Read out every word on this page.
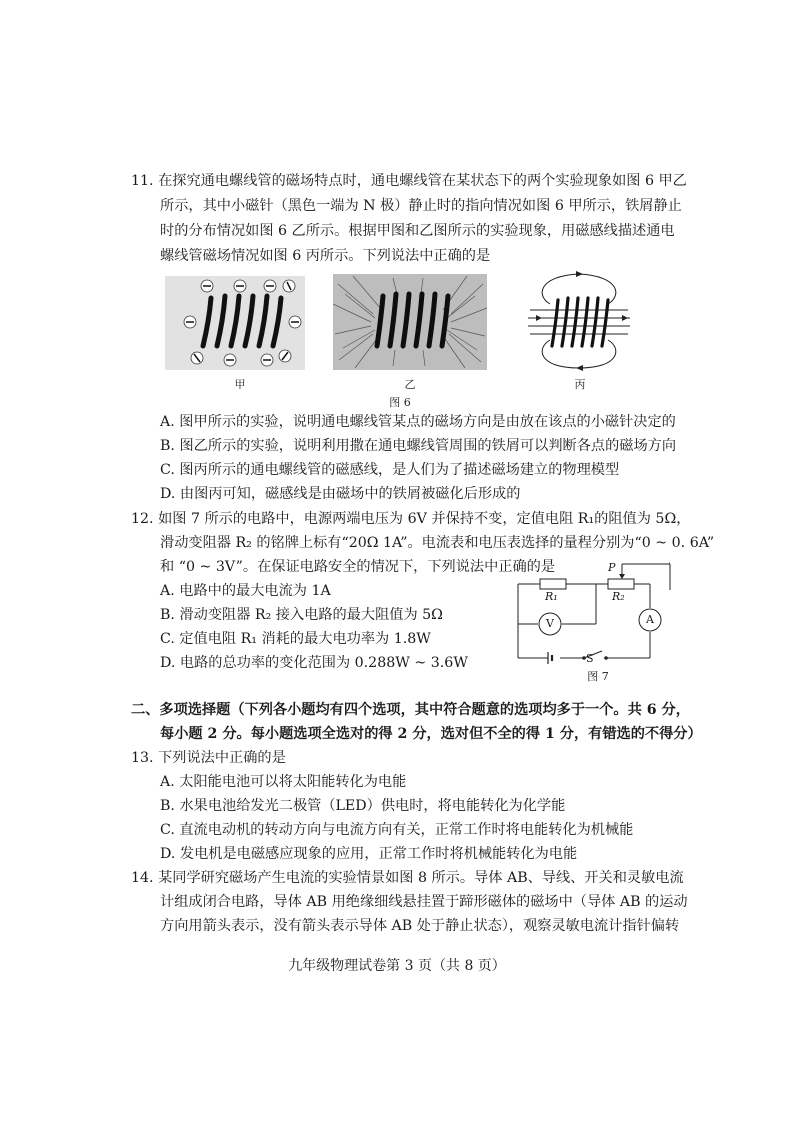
11. 在探究通电螺线管的磁场特点时，通电螺线管在某状态下的两个实验现象如图 6 甲乙
所示，其中小磁针（黑色一端为 N 极）静止时的指向情况如图 6 甲所示，铁屑静止
时的分布情况如图 6 乙所示。根据甲图和乙图所示的实验现象，用磁感线描述通电
螺线管磁场情况如图 6 丙所示。下列说法中正确的是
甲	乙	丙
图 6
A. 图甲所示的实验，说明通电螺线管某点的磁场方向是由放在该点的小磁针决定的
B. 图乙所示的实验，说明利用撒在通电螺线管周围的铁屑可以判断各点的磁场方向
C. 图丙所示的通电螺线管的磁感线，是人们为了描述磁场建立的物理模型
D. 由图丙可知，磁感线是由磁场中的铁屑被磁化后形成的
12. 如图 7 所示的电路中，电源两端电压为 6V 并保持不变，定值电阻 R₁的阻值为 5Ω，
滑动变阻器 R₂ 的铭牌上标有“20Ω 1A”。电流表和电压表选择的量程分别为“0 ~ 0. 6A”
和 “0 ~ 3V”。在保证电路安全的情况下，下列说法中正确的是
A. 电路中的最大电流为 1A
B. 滑动变阻器 R₂ 接入电路的最大阻值为 5Ω
C. 定值电阻 R₁ 消耗的最大电功率为 1.8W
D. 电路的总功率的变化范围为 0.288W ~ 3.6W
P
R₁	R₂
V	A
S
图 7
二、多项选择题（下列各小题均有四个选项，其中符合题意的选项均多于一个。共 6 分，
每小题 2 分。每小题选项全选对的得 2 分，选对但不全的得 1 分，有错选的不得分）
13. 下列说法中正确的是
A. 太阳能电池可以将太阳能转化为电能
B. 水果电池给发光二极管（LED）供电时，将电能转化为化学能
C. 直流电动机的转动方向与电流方向有关，正常工作时将电能转化为机械能
D. 发电机是电磁感应现象的应用，正常工作时将机械能转化为电能
14. 某同学研究磁场产生电流的实验情景如图 8 所示。导体 AB、导线、开关和灵敏电流
计组成闭合电路，导体 AB 用绝缘细线悬挂置于蹄形磁体的磁场中（导体 AB 的运动
方向用箭头表示，没有箭头表示导体 AB 处于静止状态），观察灵敏电流计指针偏转
九年级物理试卷第 3 页（共 8 页）
